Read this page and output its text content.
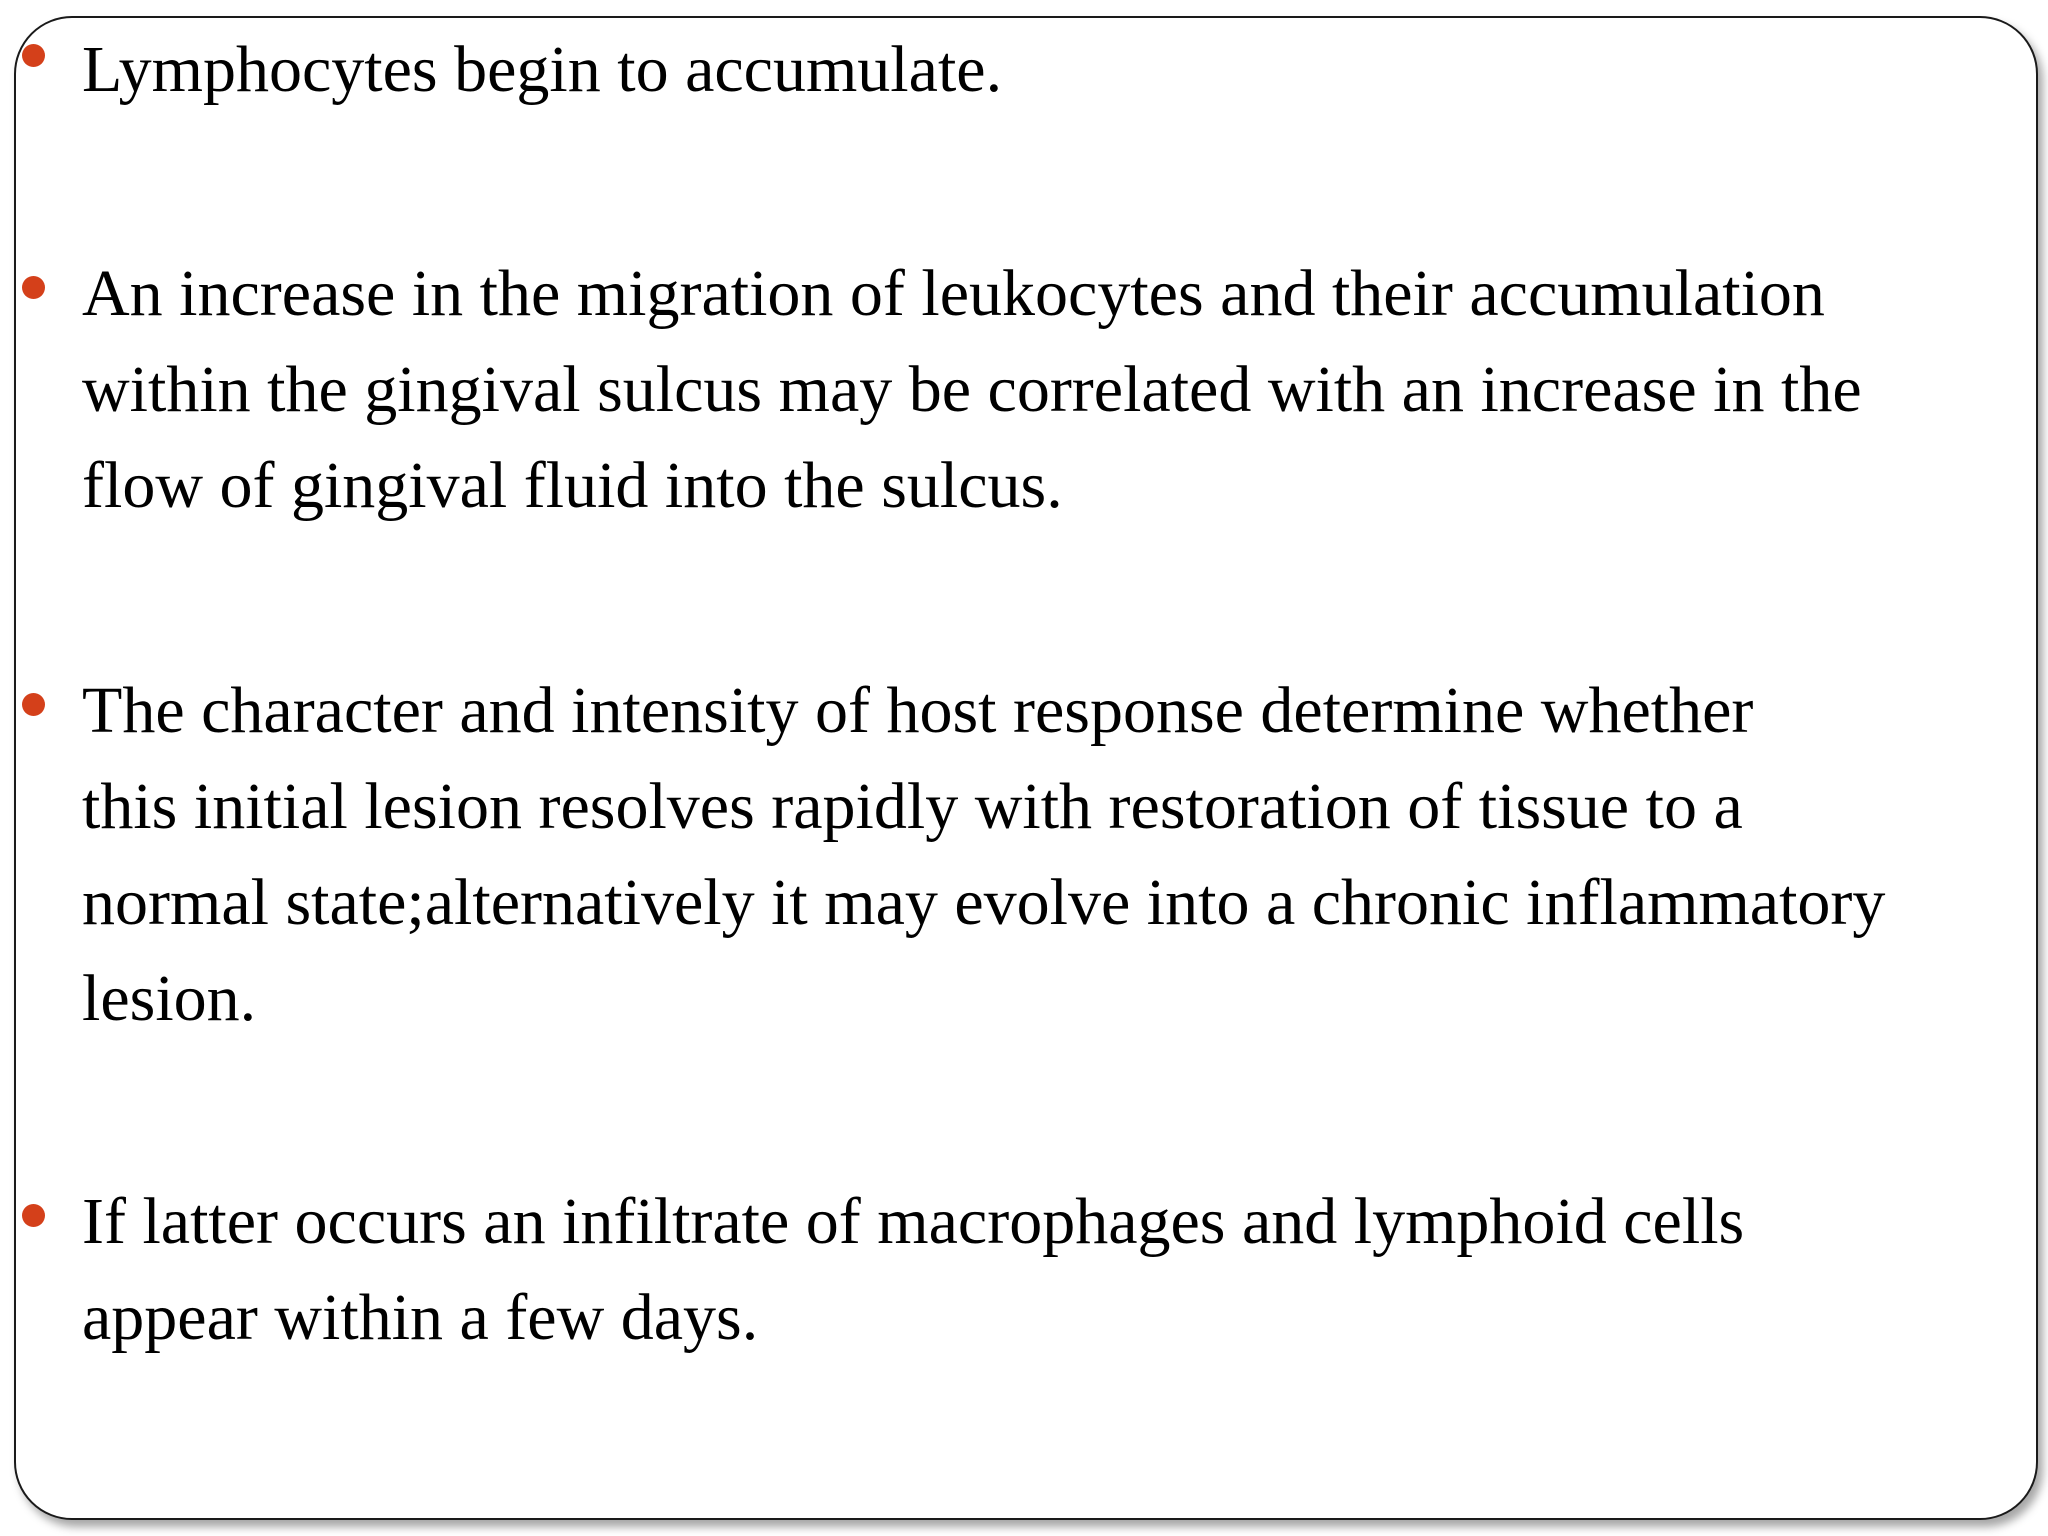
Lymphocytes begin to accumulate.
An increase in the migration of leukocytes and their accumulation
within the gingival sulcus may be correlated with an increase in the
flow of gingival fluid into the sulcus.
The character and intensity of host response determine whether
this initial lesion resolves rapidly with restoration of tissue to a
normal state;alternatively it may evolve into a chronic inflammatory
lesion.
If latter occurs an infiltrate of macrophages and lymphoid cells
appear within a few days.
